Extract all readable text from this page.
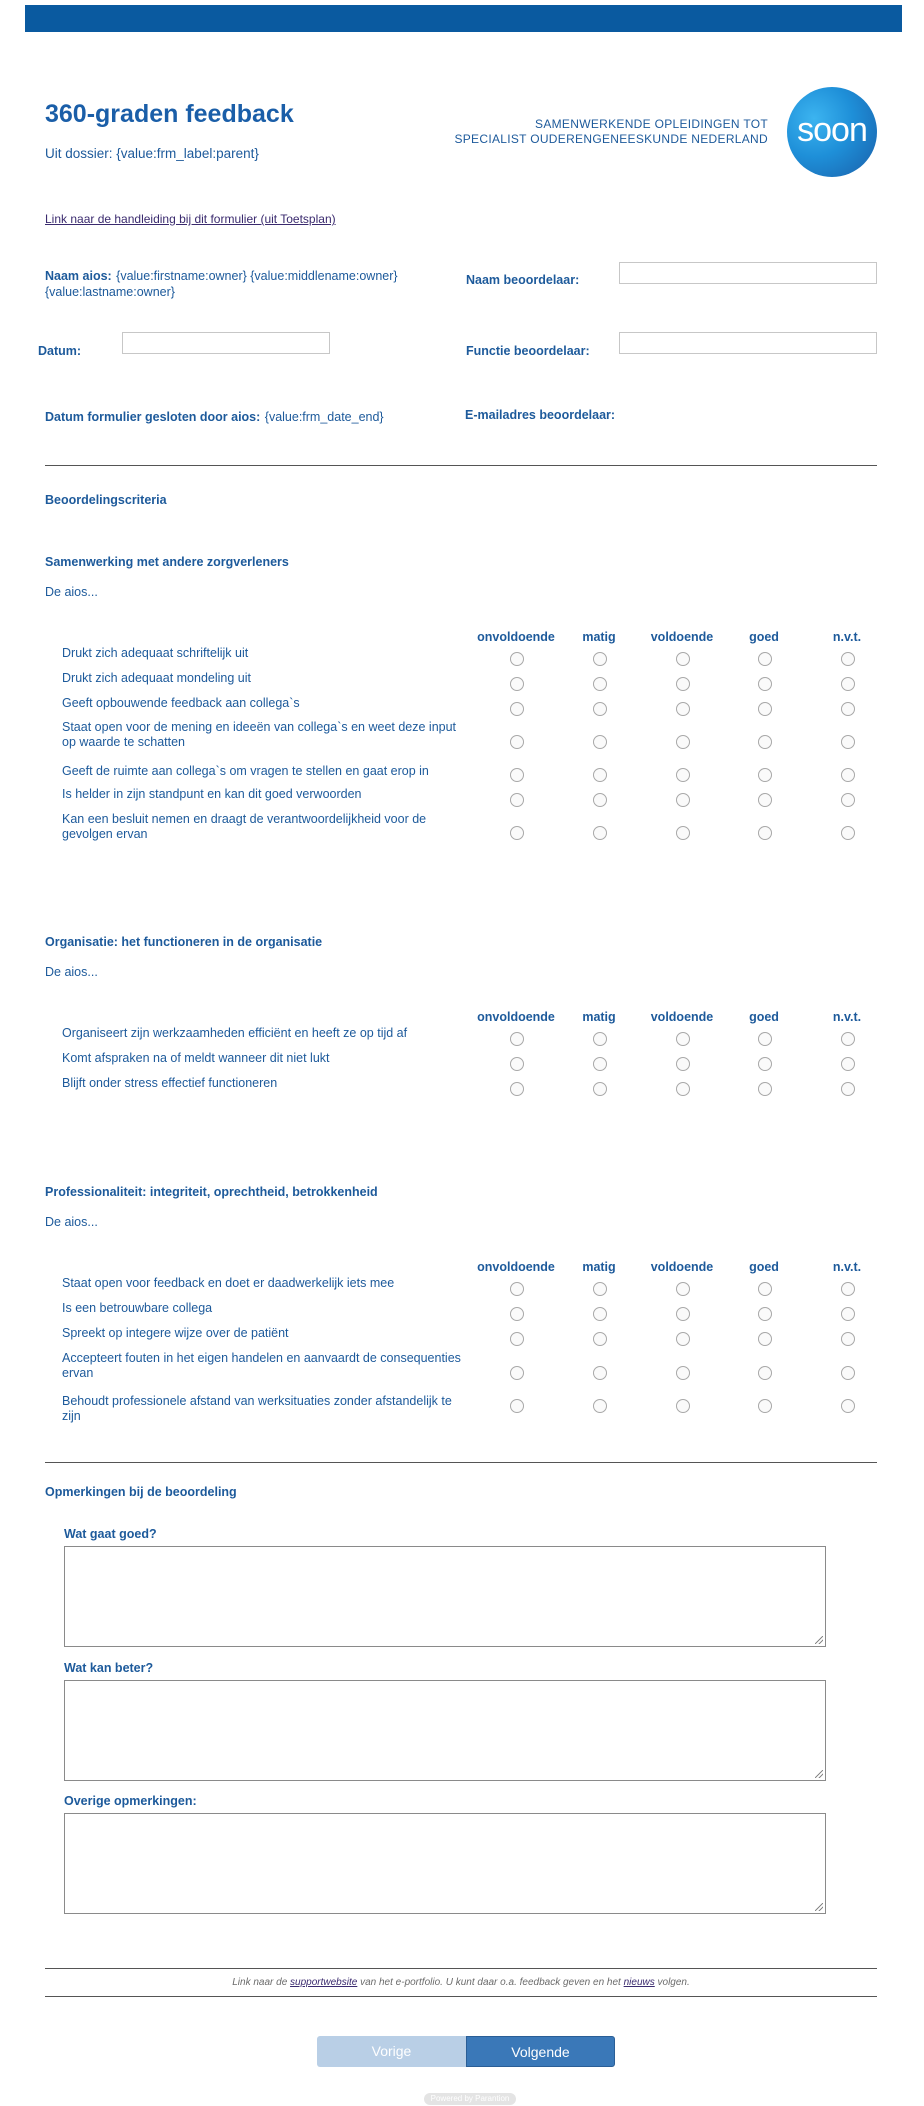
360-graden feedback
Uit dossier: {value:frm_label:parent}
SAMENWERKENDE OPLEIDINGEN TOT
SPECIALIST OUDERENGENEESKUNDE NEDERLAND soon
Link naar de handleiding bij dit formulier (uit Toetsplan)
Naam aios: {value:firstname:owner} {value:middlename:owner} {value:lastname:owner}
Naam beoordelaar:
Datum:	Functie beoordelaar:
Datum formulier gesloten door aios: {value:frm_date_end}	E-mailadres beoordelaar:
Beoordelingscriteria
Samenwerking met andere zorgverleners
De aios...
onvoldoende	matig	voldoende	goed	n.v.t.
Drukt zich adequaat schriftelijk uit
Drukt zich adequaat mondeling uit
Geeft opbouwende feedback aan collega`s
Staat open voor de mening en ideeën van collega`s en weet deze input op waarde te schatten
Geeft de ruimte aan collega`s om vragen te stellen en gaat erop in
Is helder in zijn standpunt en kan dit goed verwoorden
Kan een besluit nemen en draagt de verantwoordelijkheid voor de gevolgen ervan
Organisatie: het functioneren in de organisatie
De aios...
onvoldoende	matig	voldoende	goed	n.v.t.
Organiseert zijn werkzaamheden efficiënt en heeft ze op tijd af
Komt afspraken na of meldt wanneer dit niet lukt
Blijft onder stress effectief functioneren
Professionaliteit: integriteit, oprechtheid, betrokkenheid
De aios...
onvoldoende	matig	voldoende	goed	n.v.t.
Staat open voor feedback en doet er daadwerkelijk iets mee
Is een betrouwbare collega
Spreekt op integere wijze over de patiënt
Accepteert fouten in het eigen handelen en aanvaardt de consequenties ervan
Behoudt professionele afstand van werksituaties zonder afstandelijk te zijn
Opmerkingen bij de beoordeling
Wat gaat goed?
Wat kan beter?
Overige opmerkingen:
Link naar de supportwebsite van het e-portfolio. U kunt daar o.a. feedback geven en het nieuws volgen.
Vorige	Volgende
Powered by Parantion
